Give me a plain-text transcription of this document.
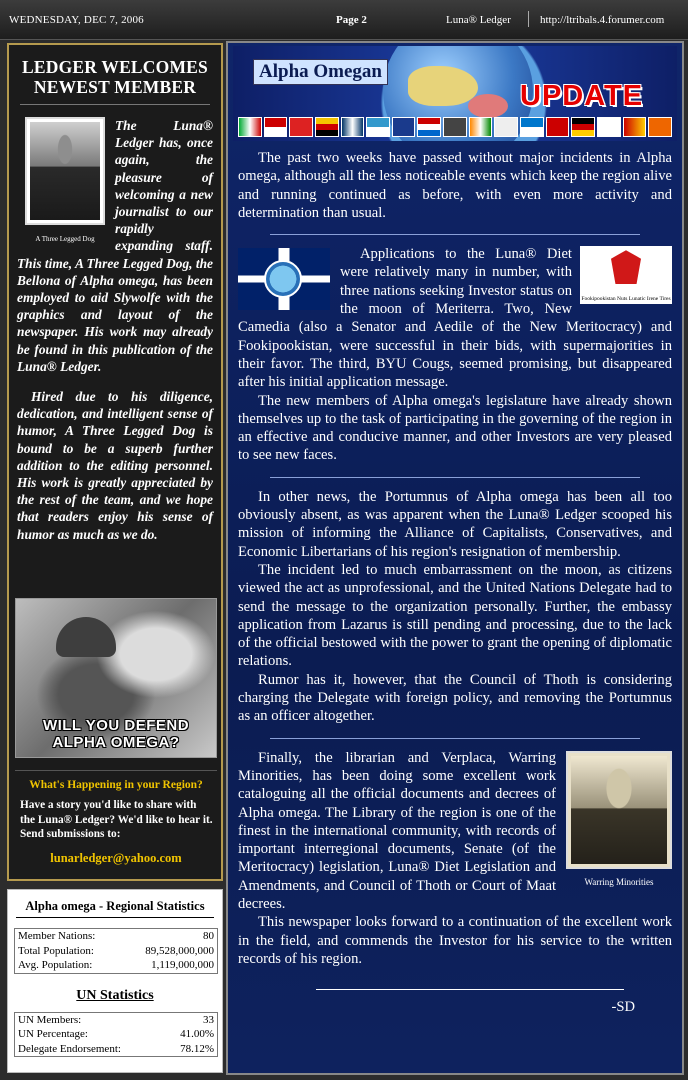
WEDNESDAY, DEC 7, 2006	Page 2	Luna® Ledger	http://ltribals.4.forumer.com
LEDGER WELCOMES NEWEST MEMBER
A Three Legged Dog

The Luna® Ledger has, once again, the pleasure of welcoming a new journalist to our rapidly expanding staff. This time, A Three Legged Dog, the Bellona of Alpha omega, has been employed to aid Slywolfe with the graphics and layout of the newspaper. His work may already be found in this publication of the Luna® Ledger.

Hired due to his diligence, dedication, and intelligent sense of humor, A Three Legged Dog is bound to be a superb further addition to the editing personnel. His work is greatly appreciated by the rest of the team, and we hope that readers enjoy his sense of humor as much as we do.

WILL YOU DEFEND ALPHA OMEGA?
What's Happening in your Region?
Have a story you'd like to share with the Luna® Ledger? We'd like to hear it. Send submissions to:
lunarledger@yahoo.com
Alpha omega - Regional Statistics
Member Nations:	80
Total Population:	89,528,000,000
Avg. Population:	1,119,000,000
UN Statistics
UN Members:	33
UN Percentage:	41.00%
Delegate Endorsement:	78.12%
Alpha Omegan
UPDATE

The past two weeks have passed without major incidents in Alpha omega, although all the less noticeable events which keep the region alive and running continued as before, with even more activity and determination than usual.

Fookipookistan Nuts Lunatic Irene Tires

Applications to the Luna® Diet were relatively many in number, with three nations seeking Investor status on the moon of Meriterra. Two, New Camedia (also a Senator and Aedile of the New Meritocracy) and Fookipookistan, were successful in their bids, with supermajorities in their favor. The third, BYU Cougs, seemed promising, but disappeared after his initial application message.

The new members of Alpha omega's legislature have already shown themselves up to the task of participating in the governing of the region in an effective and conducive manner, and other Investors are very pleased to see new faces.

In other news, the Portumnus of Alpha omega has been all too obviously absent, as was apparent when the Luna® Ledger scooped his mission of informing the Alliance of Capitalists, Conservatives, and Economic Libertarians of his region's resignation of membership.

The incident led to much embarrassment on the moon, as citizens viewed the act as unprofessional, and the United Nations Delegate had to send the message to the organization personally. Further, the embassy application from Lazarus is still pending and processing, due to the lack of the official bestowed with the power to grant the opening of diplomatic relations.

Rumor has it, however, that the Council of Thoth is considering charging the Delegate with foreign policy, and removing the Portumnus as an officer altogether.

Warring Minorities

Finally, the librarian and Verplaca, Warring Minorities, has been doing some excellent work cataloguing all the official documents and decrees of Alpha omega. The Library of the region is one of the finest in the international community, with records of important interregional documents, Senate (of the Meritocracy) legislation, Luna® Diet Legislation and Amendments, and Council of Thoth or Court of Maat decrees.

This newspaper looks forward to a continuation of the excellent work in the field, and commends the Investor for his service to the written records of his region.

-SD
